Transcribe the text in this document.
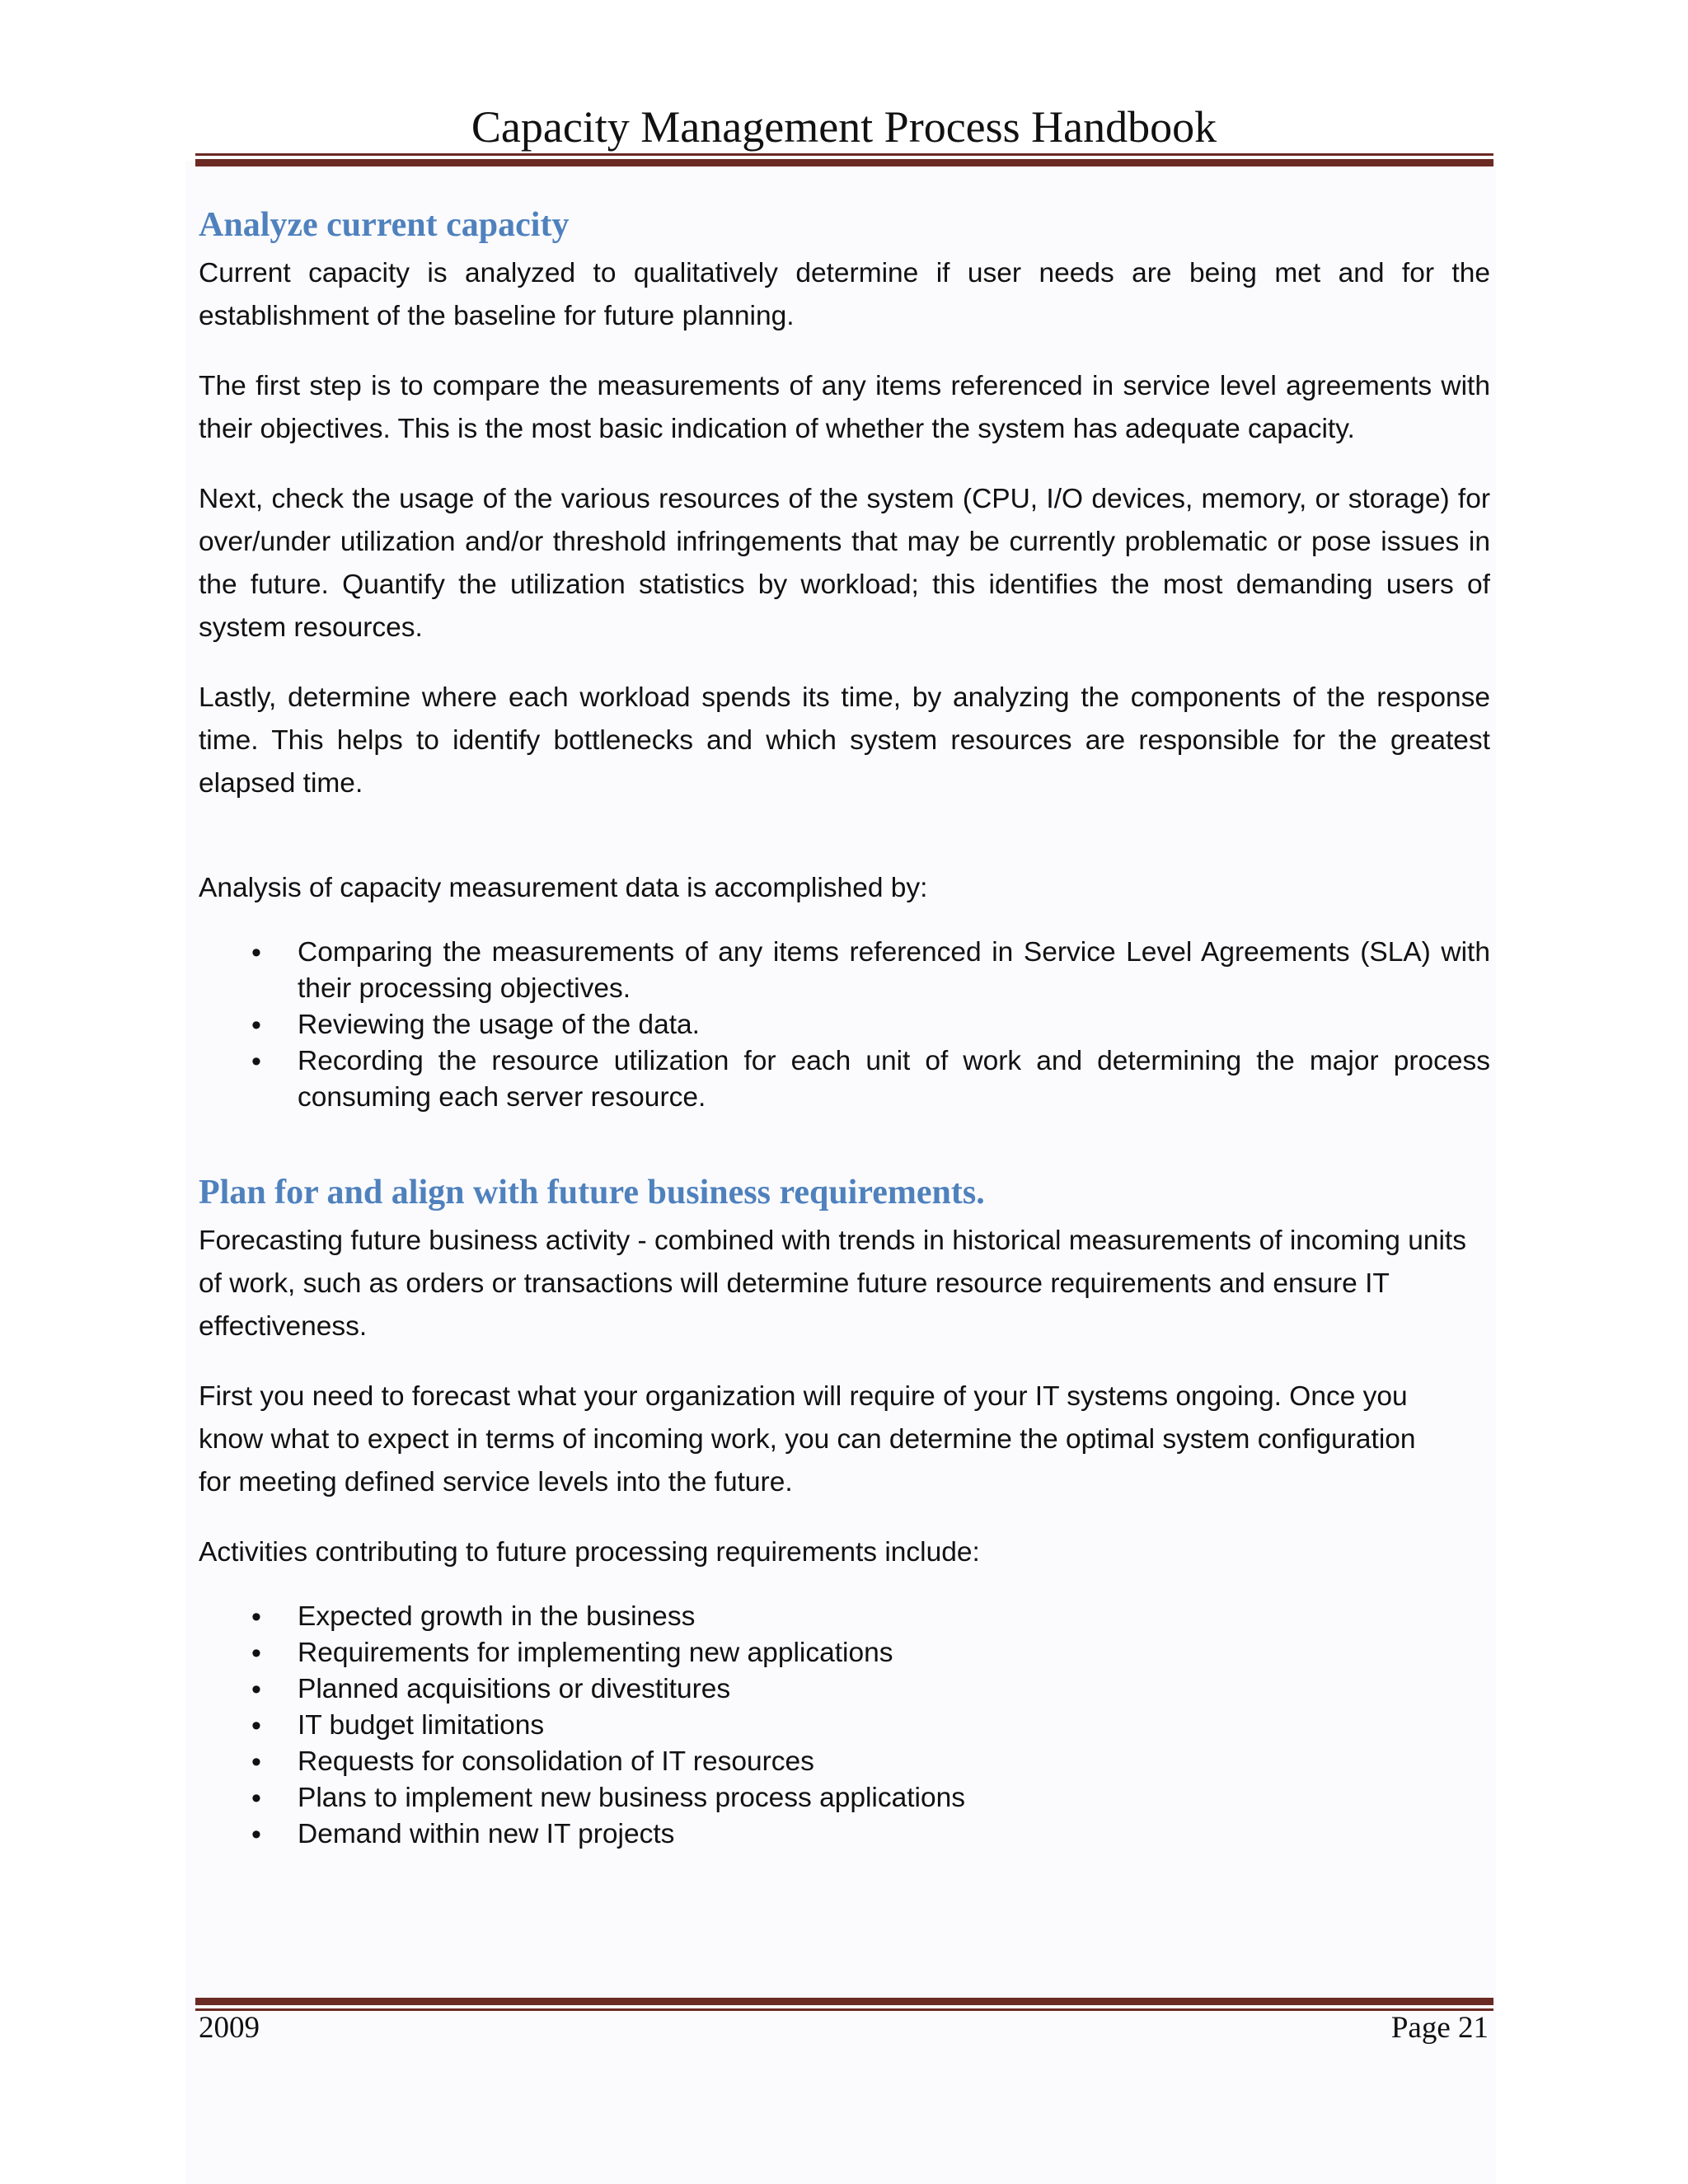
Capacity Management Process Handbook
Analyze current capacity

Current capacity is analyzed to qualitatively determine if user needs are being met and for the establishment of the baseline for future planning.

The first step is to compare the measurements of any items referenced in service level agreements with their objectives. This is the most basic indication of whether the system has adequate capacity.

Next, check the usage of the various resources of the system (CPU, I/O devices, memory, or storage) for over/under utilization and/or threshold infringements that may be currently problematic or pose issues in the future. Quantify the utilization statistics by workload; this identifies the most demanding users of system resources.

Lastly, determine where each workload spends its time, by analyzing the components of the response time. This helps to identify bottlenecks and which system resources are responsible for the greatest elapsed time.

Analysis of capacity measurement data is accomplished by:

• Comparing the measurements of any items referenced in Service Level Agreements (SLA) with their processing objectives.
• Reviewing the usage of the data.
• Recording the resource utilization for each unit of work and determining the major process consuming each server resource.
Plan for and align with future business requirements.

Forecasting future business activity - combined with trends in historical measurements of incoming units of work, such as orders or transactions will determine future resource requirements and ensure IT effectiveness.

First you need to forecast what your organization will require of your IT systems ongoing. Once you know what to expect in terms of incoming work, you can determine the optimal system configuration for meeting defined service levels into the future.

Activities contributing to future processing requirements include:

• Expected growth in the business
• Requirements for implementing new applications
• Planned acquisitions or divestitures
• IT budget limitations
• Requests for consolidation of IT resources
• Plans to implement new business process applications
• Demand within new IT projects
2009	Page 21
